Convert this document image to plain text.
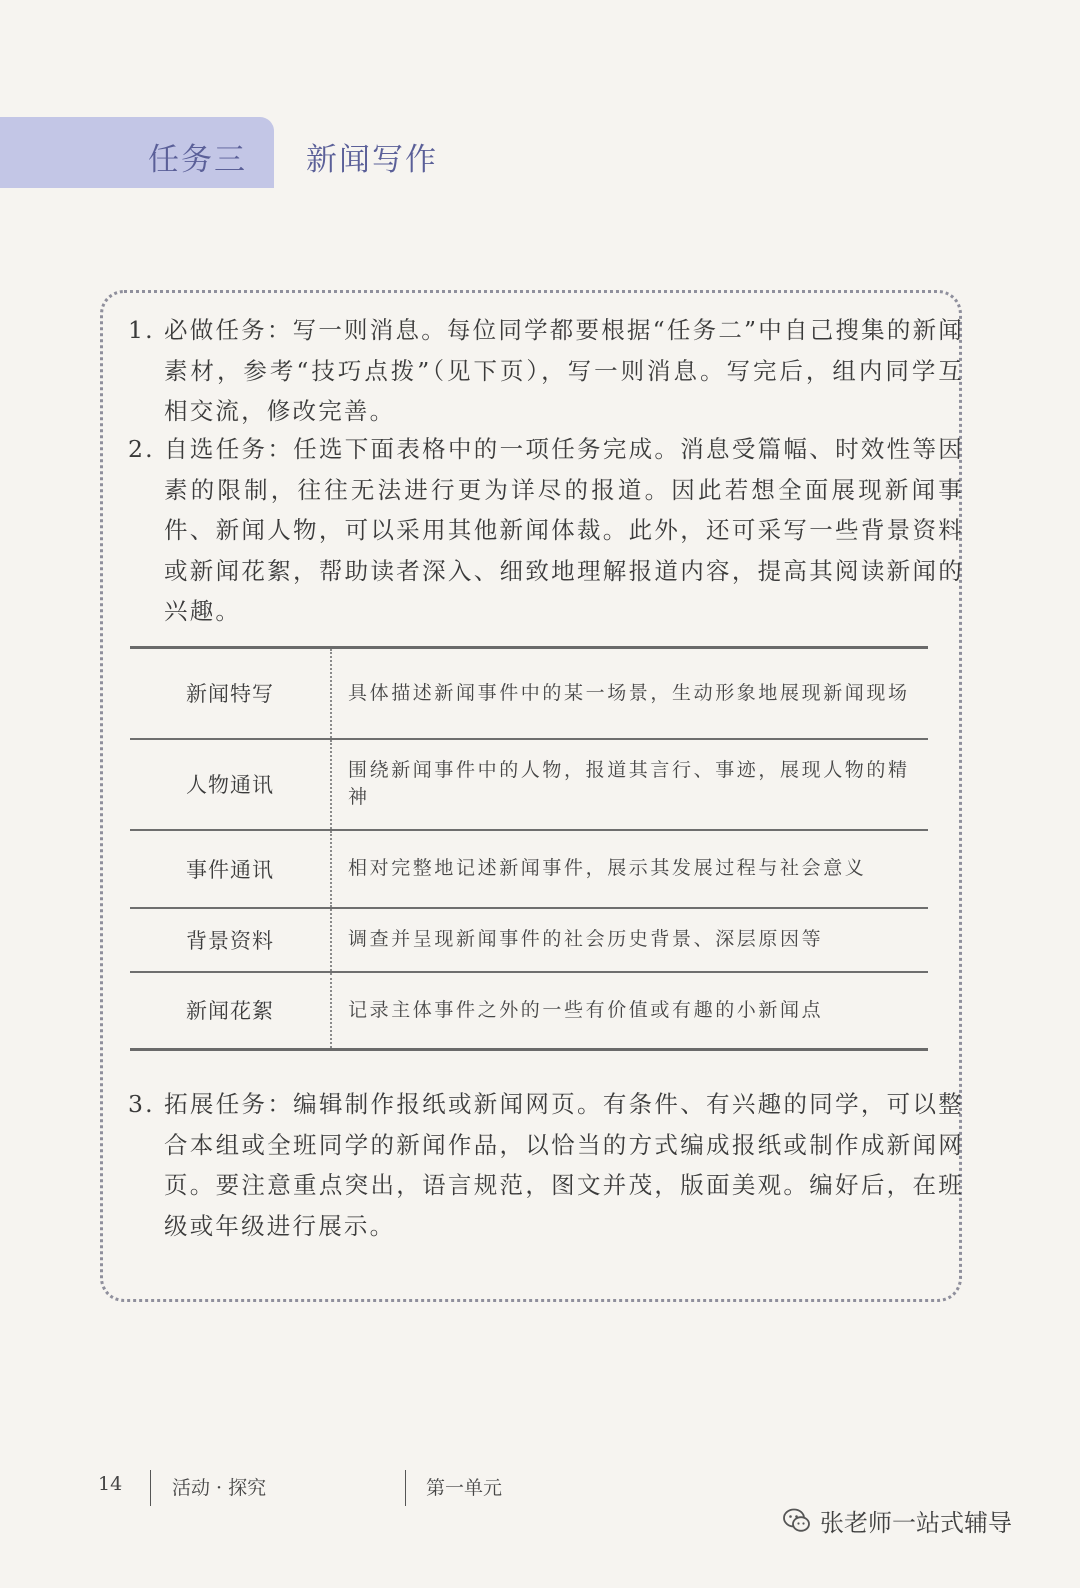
任务三 新闻写作

1. 必做任务：写一则消息。每位同学都要根据“任务二”中自己搜集的新闻素材，参考“技巧点拨”（见下页），写一则消息。写完后，组内同学互相交流，修改完善。

2. 自选任务：任选下面表格中的一项任务完成。消息受篇幅、时效性等因素的限制，往往无法进行更为详尽的报道。因此若想全面展现新闻事件、新闻人物，可以采用其他新闻体裁。此外，还可采写一些背景资料或新闻花絮，帮助读者深入、细致地理解报道内容，提高其阅读新闻的兴趣。

新闻特写	具体描述新闻事件中的某一场景，生动形象地展现新闻现场
人物通讯	围绕新闻事件中的人物，报道其言行、事迹，展现人物的精神
事件通讯	相对完整地记述新闻事件，展示其发展过程与社会意义
背景资料	调查并呈现新闻事件的社会历史背景、深层原因等
新闻花絮	记录主体事件之外的一些有价值或有趣的小新闻点

3. 拓展任务：编辑制作报纸或新闻网页。有条件、有兴趣的同学，可以整合本组或全班同学的新闻作品，以恰当的方式编成报纸或制作成新闻网页。要注意重点突出，语言规范，图文并茂，版面美观。编好后，在班级或年级进行展示。

14	活动 · 探究	第一单元
张老师一站式辅导
